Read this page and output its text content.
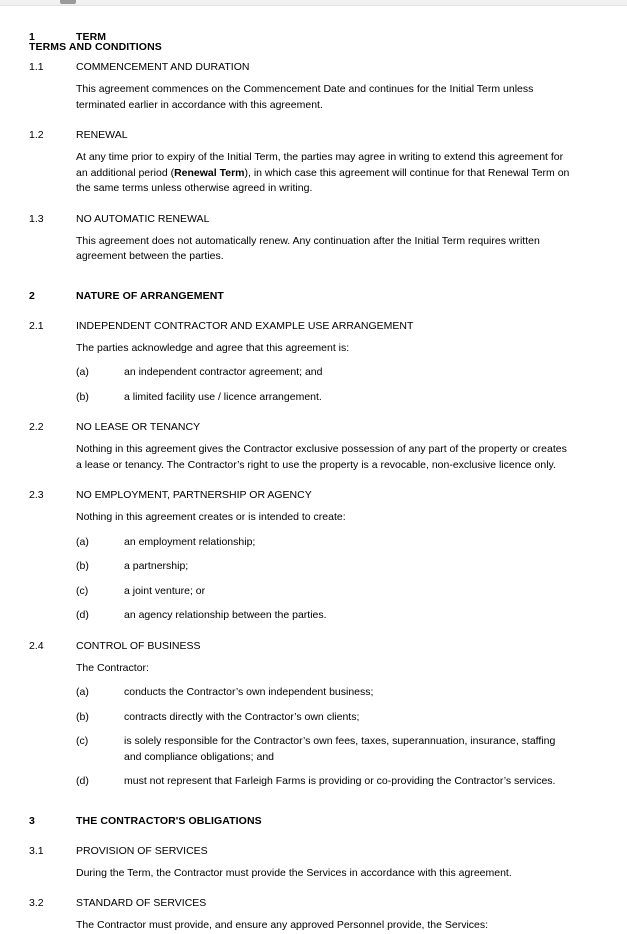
TERMS AND CONDITIONS
1	TERM
1.1	COMMENCEMENT AND DURATION
This agreement commences on the Commencement Date and continues for the Initial Term unless terminated earlier in accordance with this agreement.
1.2	RENEWAL
At any time prior to expiry of the Initial Term, the parties may agree in writing to extend this agreement for an additional period (Renewal Term), in which case this agreement will continue for that Renewal Term on the same terms unless otherwise agreed in writing.
1.3	NO AUTOMATIC RENEWAL
This agreement does not automatically renew. Any continuation after the Initial Term requires written agreement between the parties.
2	NATURE OF ARRANGEMENT
2.1	INDEPENDENT CONTRACTOR AND EXAMPLE USE ARRANGEMENT
The parties acknowledge and agree that this agreement is:
(a)	an independent contractor agreement; and
(b)	a limited facility use / licence arrangement.
2.2	NO LEASE OR TENANCY
Nothing in this agreement gives the Contractor exclusive possession of any part of the property or creates a lease or tenancy. The Contractor’s right to use the property is a revocable, non-exclusive licence only.
2.3	NO EMPLOYMENT, PARTNERSHIP OR AGENCY
Nothing in this agreement creates or is intended to create:
(a)	an employment relationship;
(b)	a partnership;
(c)	a joint venture; or
(d)	an agency relationship between the parties.
2.4	CONTROL OF BUSINESS
The Contractor:
(a)	conducts the Contractor’s own independent business;
(b)	contracts directly with the Contractor’s own clients;
(c)	is solely responsible for the Contractor’s own fees, taxes, superannuation, insurance, staffing and compliance obligations; and
(d)	must not represent that Farleigh Farms is providing or co-providing the Contractor’s services.
3	THE CONTRACTOR'S OBLIGATIONS
3.1	PROVISION OF SERVICES
During the Term, the Contractor must provide the Services in accordance with this agreement.
3.2	STANDARD OF SERVICES
The Contractor must provide, and ensure any approved Personnel provide, the Services:
